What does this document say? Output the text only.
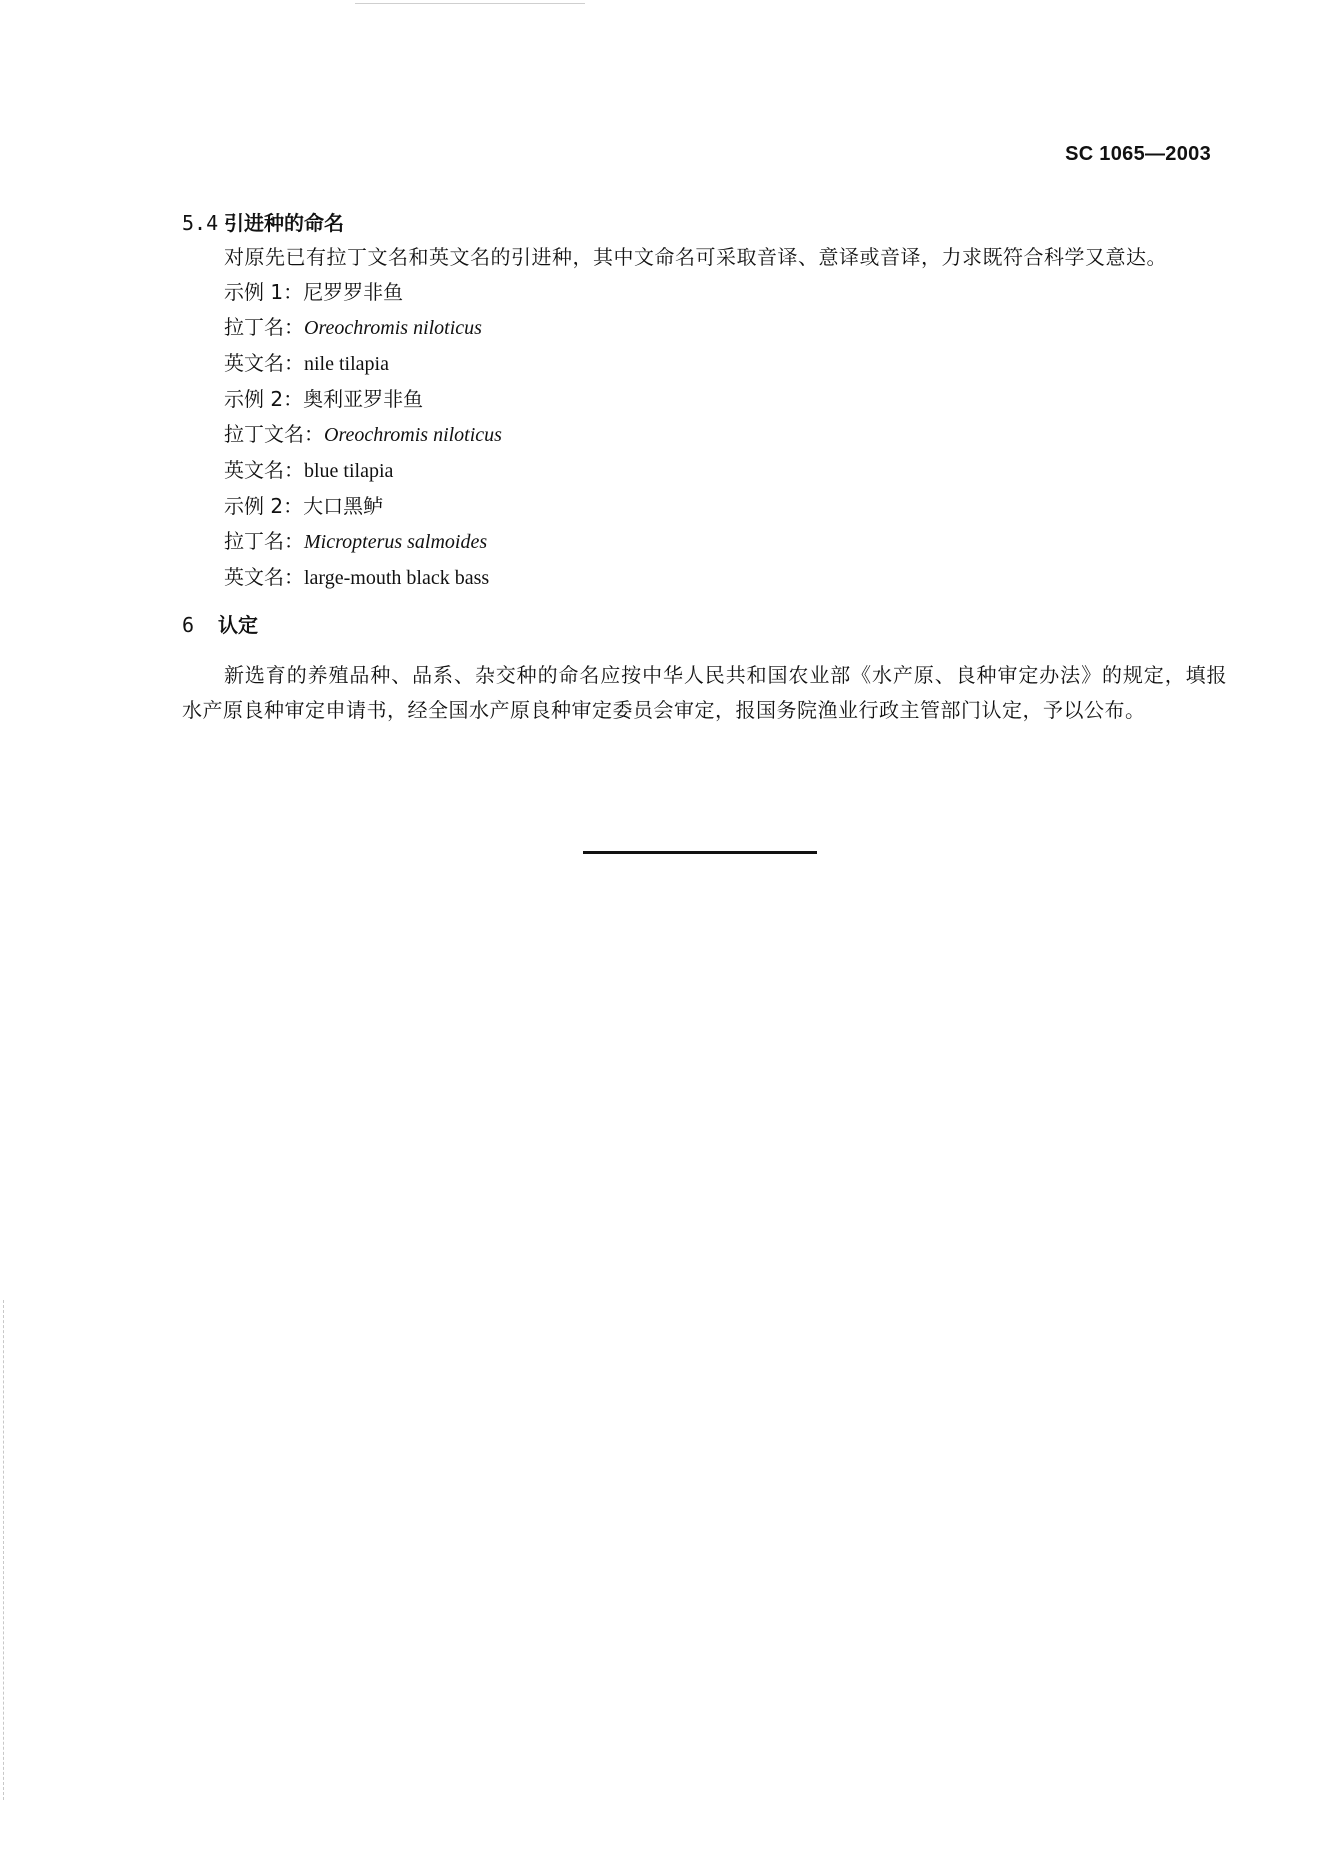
SC 1065—2003
5.4 引进种的命名
对原先已有拉丁文名和英文名的引进种，其中文命名可采取音译、意译或音译，力求既符合科学又意达。
示例 1：尼罗罗非鱼
拉丁名：Oreochromis niloticus
英文名：nile tilapia
示例 2：奥利亚罗非鱼
拉丁文名：Oreochromis niloticus
英文名：blue tilapia
示例 2：大口黑鲈
拉丁名：Micropterus salmoides
英文名：large-mouth black bass
6	认定
新选育的养殖品种、品系、杂交种的命名应按中华人民共和国农业部《水产原、良种审定办法》的规定，填报水产原良种审定申请书，经全国水产原良种审定委员会审定，报国务院渔业行政主管部门认定，予以公布。
